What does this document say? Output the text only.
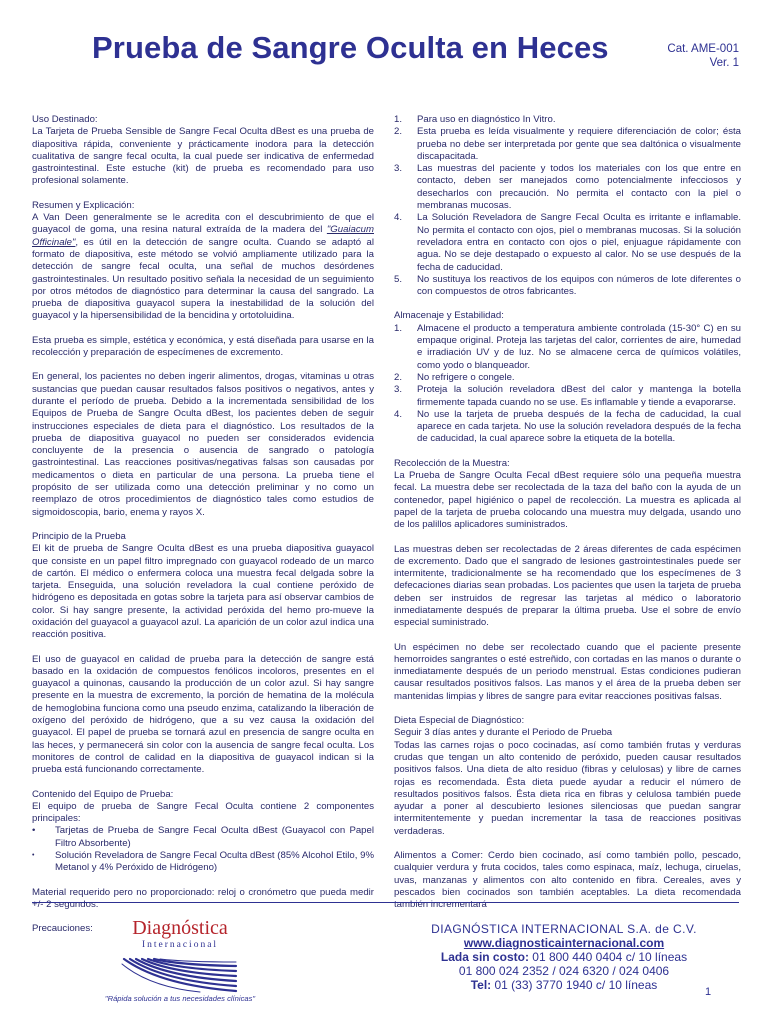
Prueba de Sangre Oculta en Heces	Cat. AME-001
Ver. 1
Uso Destinado:

La Tarjeta de Prueba Sensible de Sangre Fecal Oculta dBest es una prueba de diapositiva rápida, conveniente y prácticamente inodora para la detección cualitativa de sangre fecal oculta, la cual puede ser indicativa de enfermedad gastrointestinal. Este estuche (kit) de prueba es recomendado para uso profesional solamente.

Resumen y Explicación:

A Van Deen generalmente se le acredita con el descubrimiento de que el guayacol de goma, una resina natural extraída de la madera del "Guaiacum Officinale", es útil en la detección de sangre oculta. Cuando se adaptó al formato de diapositiva, este método se volvió ampliamente utilizado para la detección de sangre fecal oculta, una señal de muchos desórdenes gastrointestinales. Un resultado positivo señala la necesidad de un seguimiento por otros métodos de diagnóstico para determinar la causa del sangrado. La prueba de diapositiva guayacol supera la inestabilidad de la solución del guayacol y la hipersensibilidad de la bencidina y ortotoluidina.

Esta prueba es simple, estética y económica, y está diseñada para usarse en la recolección y preparación de especímenes de excremento.

En general, los pacientes no deben ingerir alimentos, drogas, vitaminas u otras sustancias que puedan causar resultados falsos positivos o negativos, antes y durante el período de prueba. Debido a la incrementada sensibilidad de los Equipos de Prueba de Sangre Oculta dBest, los pacientes deben de seguir instrucciones especiales de dieta para el diagnóstico. Los resultados de la prueba de diapositiva guayacol no pueden ser considerados evidencia concluyente de la presencia o ausencia de sangrado o patología gastrointestinal. Las reacciones positivas/negativas falsas son causadas por medicamentos o dieta en particular de una persona. La prueba tiene el propósito de ser utilizada como una detección preliminar y no como un reemplazo de otros procedimientos de diagnóstico tales como estudios de sigmoidoscopia, bario, enema y rayos X.

Principio de la Prueba

El kit de prueba de Sangre Oculta dBest es una prueba diapositiva guayacol que consiste en un papel filtro impregnado con guayacol rodeado de un marco de cartón. El médico o enfermera coloca una muestra fecal delgada sobre la tarjeta. Enseguida, una solución reveladora la cual contiene peróxido de hidrógeno es depositada en gotas sobre la tarjeta para así observar cambios de color. Si hay sangre presente, la actividad peróxida del hemo pro-mueve la oxidación del guayacol a guayacol azul. La aparición de un color azul indica una reacción positiva.

El uso de guayacol en calidad de prueba para la detección de sangre está basado en la oxidación de compuestos fenólicos incoloros, presentes en el guayacol a quinonas, causando la producción de un color azul. Si hay sangre presente en la muestra de excremento, la porción de hematina de la molécula de hemoglobina funciona como una pseudo enzima, catalizando la liberación de oxígeno del peróxido de hidrógeno, que a su vez causa la oxidación del guayacol. El papel de prueba se tornará azul en presencia de sangre oculta en las heces, y permanecerá sin color con la ausencia de sangre fecal oculta. Los monitores de control de calidad en la diapositiva de guayacol indican si la prueba está funcionando correctamente.

Contenido del Equipo de Prueba:

El equipo de prueba de Sangre Fecal Oculta contiene 2 componentes principales:

• Tarjetas de Prueba de Sangre Fecal Oculta dBest (Guayacol con Papel Filtro Absorbente)
• Solución Reveladora de Sangre Fecal Oculta dBest (85% Alcohol Etilo, 9% Metanol y 4% Peróxido de Hidrógeno)

Material requerido pero no proporcionado: reloj o cronómetro que pueda medir +/- 2 segundos.

Precauciones:
1. Para uso en diagnóstico In Vitro.
2. Esta prueba es leída visualmente y requiere diferenciación de color; ésta prueba no debe ser interpretada por gente que sea daltónica o visualmente discapacitada.
3. Las muestras del paciente y todos los materiales con los que entre en contacto, deben ser manejados como potencialmente infecciosos y desecharlos con precaución. No permita el contacto con la piel o membranas mucosas.
4. La Solución Reveladora de Sangre Fecal Oculta es irritante e inflamable. No permita el contacto con ojos, piel o membranas mucosas. Si la solución reveladora entra en contacto con ojos o piel, enjuague rápidamente con agua. No se deje destapado o expuesto al calor. No se use después de la fecha de caducidad.
5. No sustituya los reactivos de los equipos con números de lote diferentes o con compuestos de otros fabricantes.
Almacenaje y Estabilidad:
1. Almacene el producto a temperatura ambiente controlada (15-30° C) en su empaque original. Proteja las tarjetas del calor, corrientes de aire, humedad e irradiación UV y de luz. No se almacene cerca de químicos volátiles, como yodo o blanqueador.
2. No refrigere o congele.
3. Proteja la solución reveladora dBest del calor y mantenga la botella firmemente tapada cuando no se use. Es inflamable y tiende a evaporarse.
4. No use la tarjeta de prueba después de la fecha de caducidad, la cual aparece en cada tarjeta. No use la solución reveladora después de la fecha de caducidad, la cual aparece sobre la etiqueta de la botella.
Recolección de la Muestra:

La Prueba de Sangre Oculta Fecal dBest requiere sólo una pequeña muestra fecal. La muestra debe ser recolectada de la taza del baño con la ayuda de un contenedor, papel higiénico o papel de recolección. La muestra es aplicada al papel de la tarjeta de prueba colocando una muestra muy delgada, usando uno de los palillos aplicadores suministrados.

Las muestras deben ser recolectadas de 2 áreas diferentes de cada espécimen de excremento. Dado que el sangrado de lesiones gastrointestinales puede ser intermitente, tradicionalmente se ha recomendado que los especímenes de 3 defecaciones diarias sean probadas. Los pacientes que usen la tarjeta de prueba deben ser instruidos de regresar las tarjetas al médico o laboratorio inmediatamente después de preparar la última prueba. Use el sobre de envío especial suministrado.

Un espécimen no debe ser recolectado cuando que el paciente presente hemorroides sangrantes o esté estreñido, con cortadas en las manos o durante o inmediatamente después de un periodo menstrual. Estas condiciones pudieran causar resultados positivos falsos. Las manos y el área de la prueba deben ser mantenidas limpias y libres de sangre para evitar reacciones positivas falsas.

Dieta Especial de Diagnóstico:
Seguir 3 días antes y durante el Periodo de Prueba

Todas las carnes rojas o poco cocinadas, así como también frutas y verduras crudas que tengan un alto contenido de peróxido, pueden causar resultados positivos falsos. Una dieta de alto residuo (fibras y celulosas) y libre de carnes rojas es recomendada. Ésta dieta puede ayudar a reducir el número de resultados positivos falsos. Ésta dieta rica en fibras y celulosa también puede ayudar a poner al descubierto lesiones silenciosas que puedan sangrar intermitentemente y puedan incrementar la tasa de reacciones positivas verdaderas.

Alimentos a Comer: Cerdo bien cocinado, así como también pollo, pescado, cualquier verdura y fruta cocidos, tales como espinaca, maíz, lechuga, ciruelas, uvas, manzanas y alimentos con alto contenido en fibra. Cereales, aves y pescados bien cocinados son también aceptables. La dieta recomendada también incrementará

Diagnóstica
Internacional
"Rápida solución a tus necesidades clínicas"
DIAGNÓSTICA INTERNACIONAL S.A. de C.V.
www.diagnosticainternacional.com
Lada sin costo: 01 800 440 0404 c/ 10 líneas
01 800 024 2352 / 024 6320 / 024 0406
Tel: 01 (33) 3770 1940 c/ 10 líneas	1
